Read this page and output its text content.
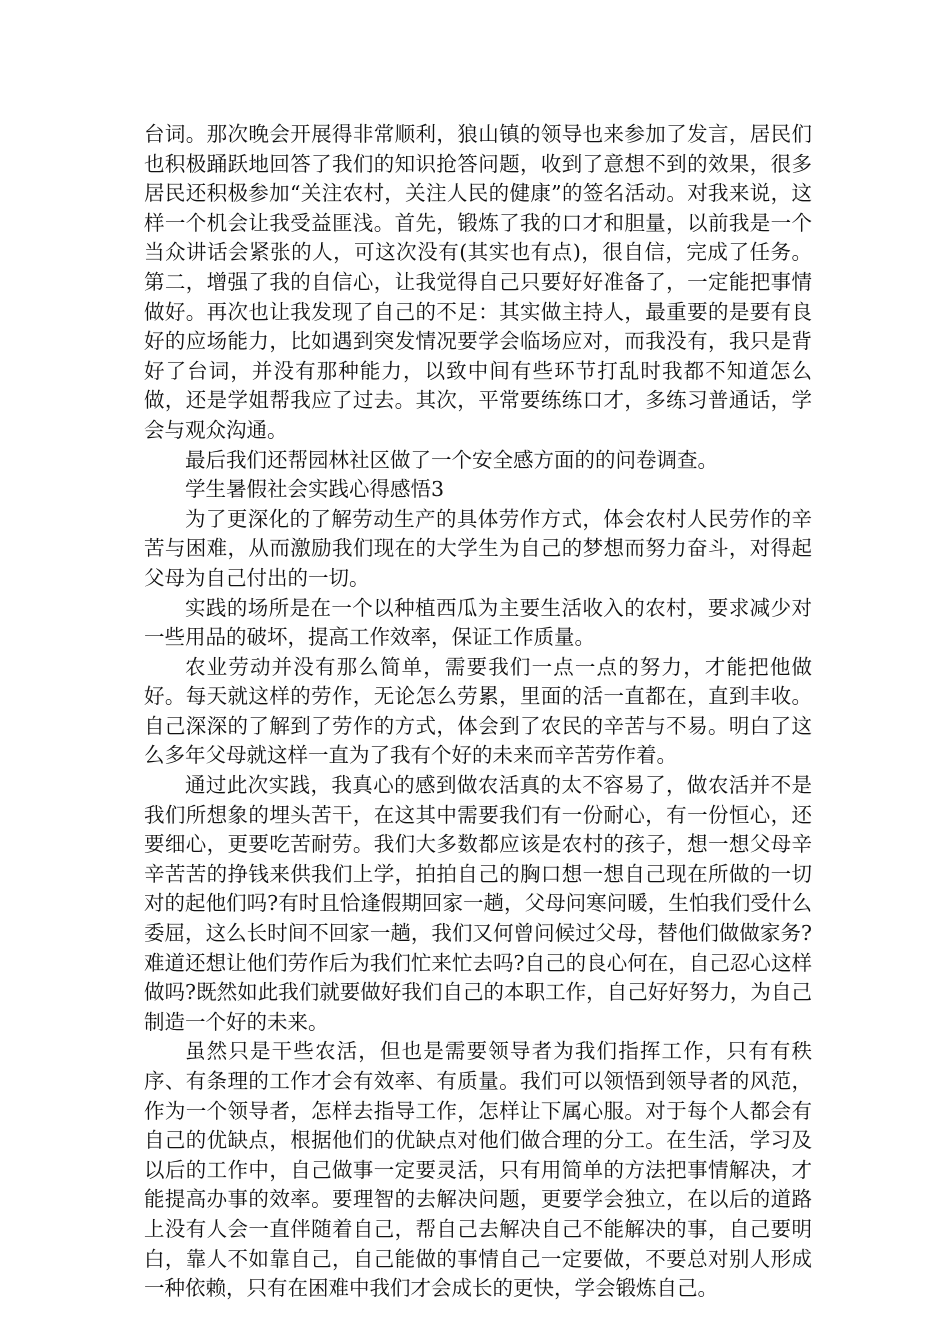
台词。那次晚会开展得非常顺利，狼山镇的领导也来参加了发言，居民们也积极踊跃地回答了我们的知识抢答问题，收到了意想不到的效果，很多居民还积极参加“关注农村，关注人民的健康”的签名活动。对我来说，这样一个机会让我受益匪浅。首先，锻炼了我的口才和胆量，以前我是一个当众讲话会紧张的人，可这次没有(其实也有点)，很自信，完成了任务。第二，增强了我的自信心，让我觉得自己只要好好准备了，一定能把事情做好。再次也让我发现了自己的不足：其实做主持人，最重要的是要有良好的应场能力，比如遇到突发情况要学会临场应对，而我没有，我只是背好了台词，并没有那种能力，以致中间有些环节打乱时我都不知道怎么做，还是学姐帮我应了过去。其次，平常要练练口才，多练习普通话，学会与观众沟通。

最后我们还帮园林社区做了一个安全感方面的的问卷调查。

学生暑假社会实践心得感悟3

为了更深化的了解劳动生产的具体劳作方式，体会农村人民劳作的辛苦与困难，从而激励我们现在的大学生为自己的梦想而努力奋斗，对得起父母为自己付出的一切。

实践的场所是在一个以种植西瓜为主要生活收入的农村，要求减少对一些用品的破坏，提高工作效率，保证工作质量。

农业劳动并没有那么简单，需要我们一点一点的努力，才能把他做好。每天就这样的劳作，无论怎么劳累，里面的活一直都在，直到丰收。自己深深的了解到了劳作的方式，体会到了农民的辛苦与不易。明白了这么多年父母就这样一直为了我有个好的未来而辛苦劳作着。

通过此次实践，我真心的感到做农活真的太不容易了，做农活并不是我们所想象的埋头苦干，在这其中需要我们有一份耐心，有一份恒心，还要细心，更要吃苦耐劳。我们大多数都应该是农村的孩子，想一想父母辛辛苦苦的挣钱来供我们上学，拍拍自己的胸口想一想自己现在所做的一切对的起他们吗?有时且恰逢假期回家一趟，父母问寒问暖，生怕我们受什么委屈，这么长时间不回家一趟，我们又何曾问候过父母，替他们做做家务?难道还想让他们劳作后为我们忙来忙去吗?自己的良心何在，自己忍心这样做吗?既然如此我们就要做好我们自己的本职工作，自己好好努力，为自己制造一个好的未来。

虽然只是干些农活，但也是需要领导者为我们指挥工作，只有有秩序、有条理的工作才会有效率、有质量。我们可以领悟到领导者的风范，作为一个领导者，怎样去指导工作，怎样让下属心服。对于每个人都会有自己的优缺点，根据他们的优缺点对他们做合理的分工。在生活，学习及以后的工作中，自己做事一定要灵活，只有用简单的方法把事情解决，才能提高办事的效率。要理智的去解决问题，更要学会独立，在以后的道路上没有人会一直伴随着自己，帮自己去解决自己不能解决的事，自己要明白，靠人不如靠自己，自己能做的事情自己一定要做，不要总对别人形成一种依赖，只有在困难中我们才会成长的更快，学会锻炼自己。
